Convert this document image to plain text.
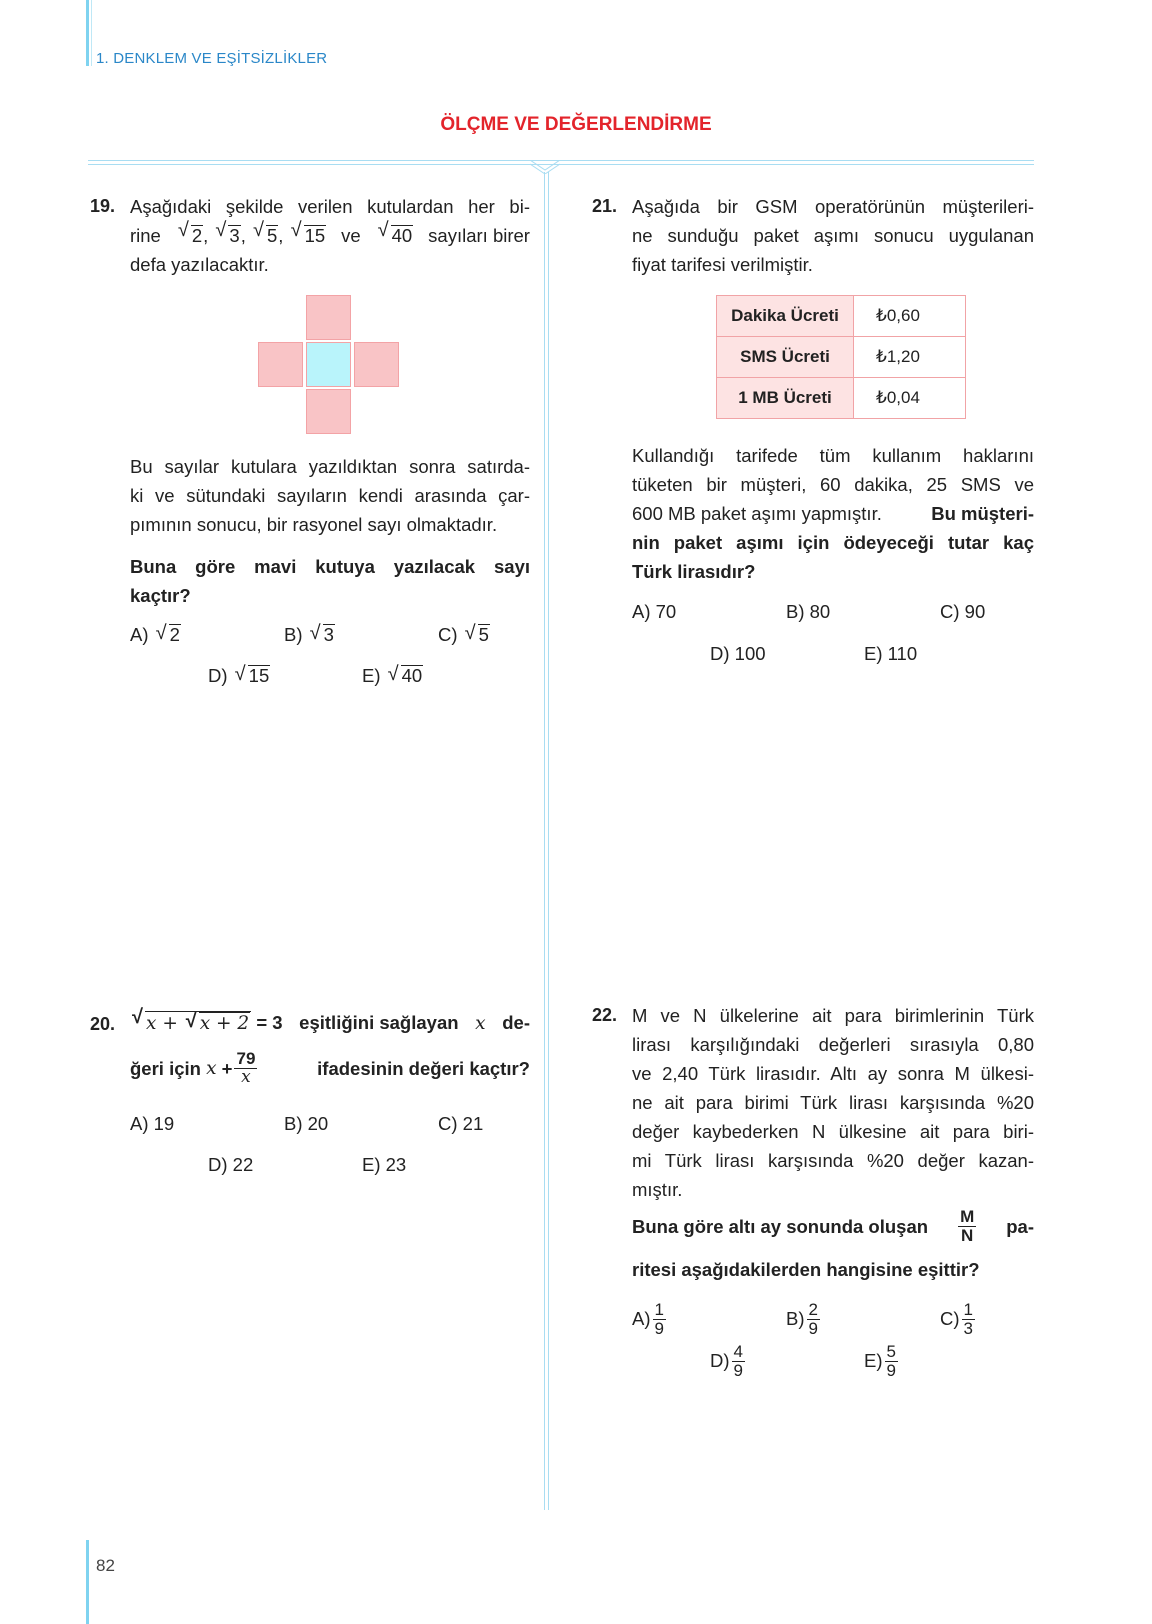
1. DENKLEM VE EŞİTSİZLİKLER
ÖLÇME VE DEĞERLENDİRME
19. Aşağıdaki şekilde verilen kutulardan her bi-
rine √ 2, √ 3, √ 5, √ 15 ve √ 40 sayıları birer
defa yazılacaktır.
Bu sayılar kutulara yazıldıktan sonra satırda-
ki ve sütundaki sayıların kendi arasında çar-
pımının sonucu, bir rasyonel sayı olmaktadır.
Buna göre mavi kutuya yazılacak sayı
kaçtır?
A) √ 2	B) √ 3	C) √ 5
D) √ 15	E) √ 40
20. √ x + √ x + 2 = 3 eşitliğini sağlayan x de-
ğeri için
$x + \frac{79}{x}$	ifadesinin değeri kaçtır?
A) 19	B) 20	C) 21
D) 22	E) 23
21. Aşağıda bir GSM operatörünün müşterileri-
ne sunduğu paket aşımı sonucu uygulanan
fiyat tarifesi verilmiştir.
Dakika Ücreti	₺0,60
SMS Ücreti	₺1,20
1 MB Ücreti	₺0,04
Kullandığı tarifede tüm kullanım haklarını
tüketen bir müşteri, 60 dakika, 25 SMS ve
600 MB paket aşımı yapmıştır.	Bu müşteri-
nin paket aşımı için ödeyeceği tutar kaç
Türk lirasıdır?
A) 70	B) 80	C) 90
D) 100	E) 110
22. M ve N ülkelerine ait para birimlerinin Türk
lirası karşılığındaki değerleri sırasıyla 0,80
ve 2,40 Türk lirasıdır. Altı ay sonra M ülkesi-
ne ait para birimi Türk lirası karşısında %20
değer kaybederken N ülkesine ait para biri-
mi Türk lirası karşısında %20 değer kazan-
mıştır.
Buna göre altı ay sonunda oluşan $\frac{M}{N} pa-$
ritesi aşağıdakilerden hangisine eşittir?
$A) \frac{1}{9}$	$B) \frac{2}{9}$	$C) \frac{1}{3}$
$D) \frac{4}{9}$	$E) \frac{5}{9}$
82
